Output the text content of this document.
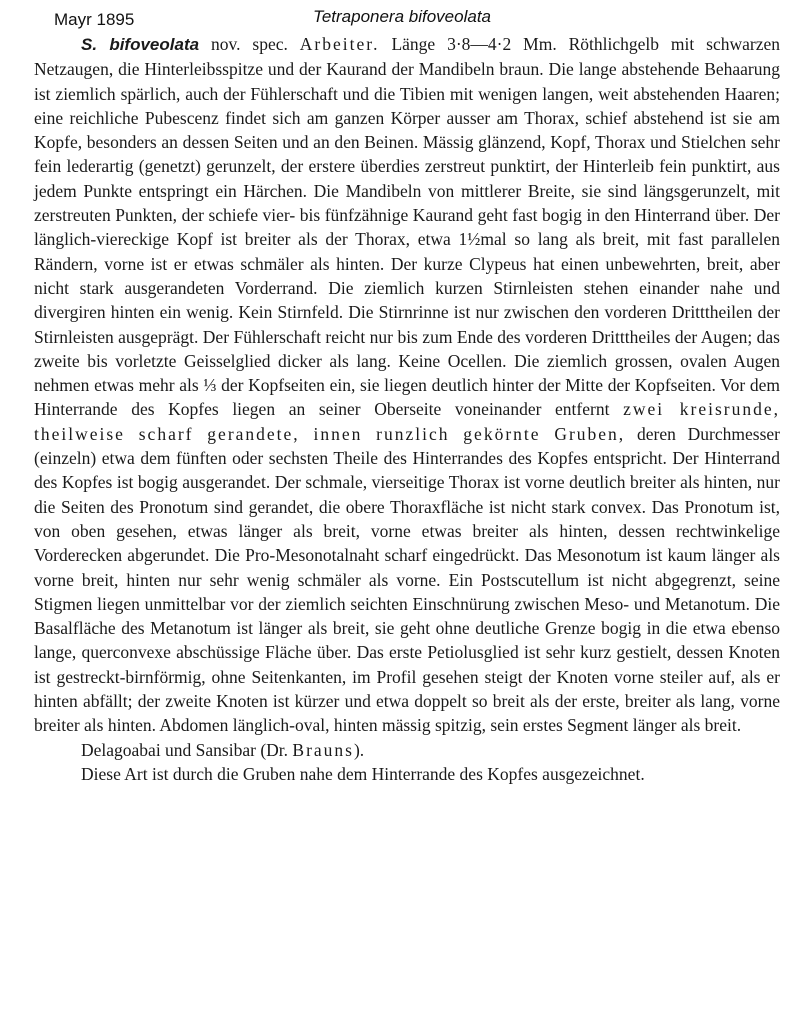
Mayr 1895	Tetraponera bifoveolata

S. bifoveolata nov. spec. Arbeiter. Länge 3·8—4·2 Mm. Röthlichgelb mit schwarzen Netzaugen, die Hinterleibsspitze und der Kaurand der Mandibeln braun. Die lange abstehende Behaarung ist ziemlich spärlich, auch der Fühlerschaft und die Tibien mit wenigen langen, weit abstehenden Haaren; eine reichliche Pubescenz findet sich am ganzen Körper ausser am Thorax, schief abstehend ist sie am Kopfe, besonders an dessen Seiten und an den Beinen. Mässig glänzend, Kopf, Thorax und Stielchen sehr fein lederartig (genetzt) gerunzelt, der erstere überdies zerstreut punktirt, der Hinterleib fein punktirt, aus jedem Punkte entspringt ein Härchen. Die Mandibeln von mittlerer Breite, sie sind längsgerunzelt, mit zerstreuten Punkten, der schiefe vier- bis fünfzähnige Kaurand geht fast bogig in den Hinterrand über. Der länglich-viereckige Kopf ist breiter als der Thorax, etwa 1½mal so lang als breit, mit fast parallelen Rändern, vorne ist er etwas schmäler als hinten. Der kurze Clypeus hat einen unbewehrten, breit, aber nicht stark ausgerandeten Vorderrand. Die ziemlich kurzen Stirnleisten stehen einander nahe und divergiren hinten ein wenig. Kein Stirnfeld. Die Stirnrinne ist nur zwischen den vorderen Dritttheilen der Stirnleisten ausgeprägt. Der Fühlerschaft reicht nur bis zum Ende des vorderen Dritttheiles der Augen; das zweite bis vorletzte Geisselglied dicker als lang. Keine Ocellen. Die ziemlich grossen, ovalen Augen nehmen etwas mehr als ⅓ der Kopfseiten ein, sie liegen deutlich hinter der Mitte der Kopfseiten. Vor dem Hinterrande des Kopfes liegen an seiner Oberseite voneinander entfernt zwei kreisrunde, theilweise scharf gerandete, innen runzlich gekörnte Gruben, deren Durchmesser (einzeln) etwa dem fünften oder sechsten Theile des Hinterrandes des Kopfes entspricht. Der Hinterrand des Kopfes ist bogig ausgerandet. Der schmale, vierseitige Thorax ist vorne deutlich breiter als hinten, nur die Seiten des Pronotum sind gerandet, die obere Thoraxfläche ist nicht stark convex. Das Pronotum ist, von oben gesehen, etwas länger als breit, vorne etwas breiter als hinten, dessen rechtwinkelige Vorderecken abgerundet. Die Pro-Mesonotalnaht scharf eingedrückt. Das Mesonotum ist kaum länger als vorne breit, hinten nur sehr wenig schmäler als vorne. Ein Postscutellum ist nicht abgegrenzt, seine Stigmen liegen unmittelbar vor der ziemlich seichten Einschnürung zwischen Meso- und Metanotum. Die Basalfläche des Metanotum ist länger als breit, sie geht ohne deutliche Grenze bogig in die etwa ebenso lange, querconvexe abschüssige Fläche über. Das erste Petiolusglied ist sehr kurz gestielt, dessen Knoten ist gestreckt-birnförmig, ohne Seitenkanten, im Profil gesehen steigt der Knoten vorne steiler auf, als er hinten abfällt; der zweite Knoten ist kürzer und etwa doppelt so breit als der erste, breiter als lang, vorne breiter als hinten. Abdomen länglich-oval, hinten mässig spitzig, sein erstes Segment länger als breit.

Delagoabai und Sansibar (Dr. Brauns).

Diese Art ist durch die Gruben nahe dem Hinterrande des Kopfes ausgezeichnet.
